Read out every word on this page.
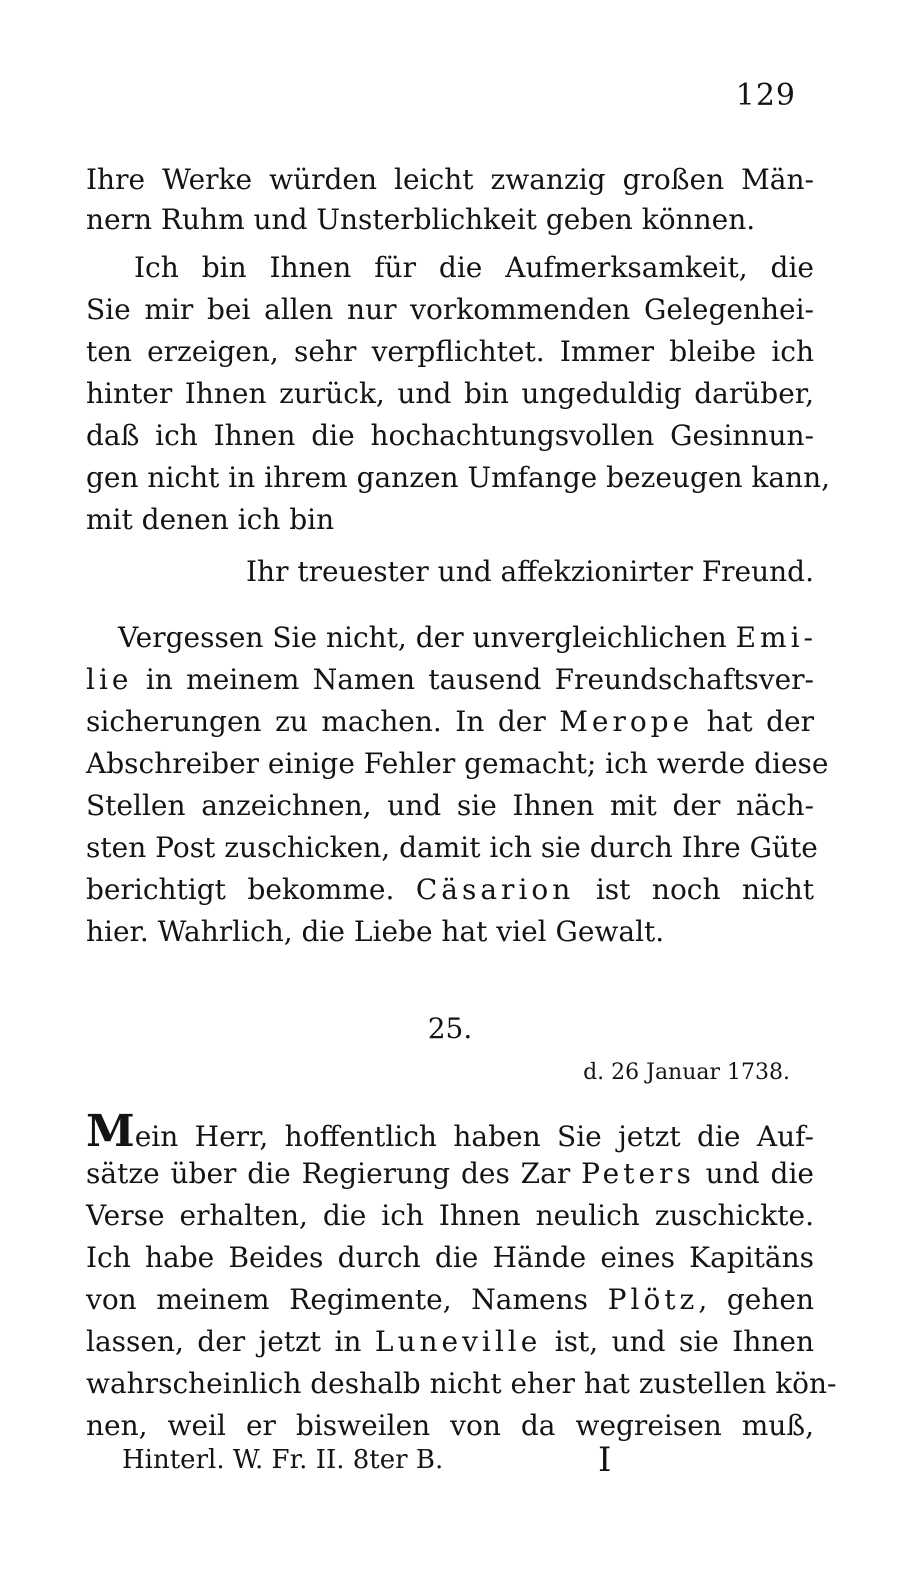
129

Ihre Werke würden leicht zwanzig großen Män-

nern Ruhm und Unsterblichkeit geben können.

Ich bin Ihnen für die Aufmerksamkeit, die

Sie mir bei allen nur vorkommenden Gelegenhei-

ten erzeigen, sehr verpflichtet. Immer bleibe ich

hinter Ihnen zurück, und bin ungeduldig darüber,

daß ich Ihnen die hochachtungsvollen Gesinnun-

gen nicht in ihrem ganzen Umfange bezeugen kann,

mit denen ich bin

Ihr treuester und affekzionirter Freund.

Vergessen Sie nicht, der unvergleichlichen Emi-

lie in meinem Namen tausend Freundschaftsver-

sicherungen zu machen. In der Merope hat der

Abschreiber einige Fehler gemacht; ich werde diese

Stellen anzeichnen, und sie Ihnen mit der näch-

sten Post zuschicken, damit ich sie durch Ihre Güte

berichtigt bekomme. Cäsarion ist noch nicht

hier. Wahrlich, die Liebe hat viel Gewalt.

25.

d. 26 Januar 1738.

Mein Herr, hoffentlich haben Sie jetzt die Auf-

sätze über die Regierung des Zar Peters und die

Verse erhalten, die ich Ihnen neulich zuschickte.

Ich habe Beides durch die Hände eines Kapitäns

von meinem Regimente, Namens Plötz, gehen

lassen, der jetzt in Luneville ist, und sie Ihnen

wahrscheinlich deshalb nicht eher hat zustellen kön-

nen, weil er bisweilen von da wegreisen muß,

Hinterl. W. Fr. II. 8ter B.	I
